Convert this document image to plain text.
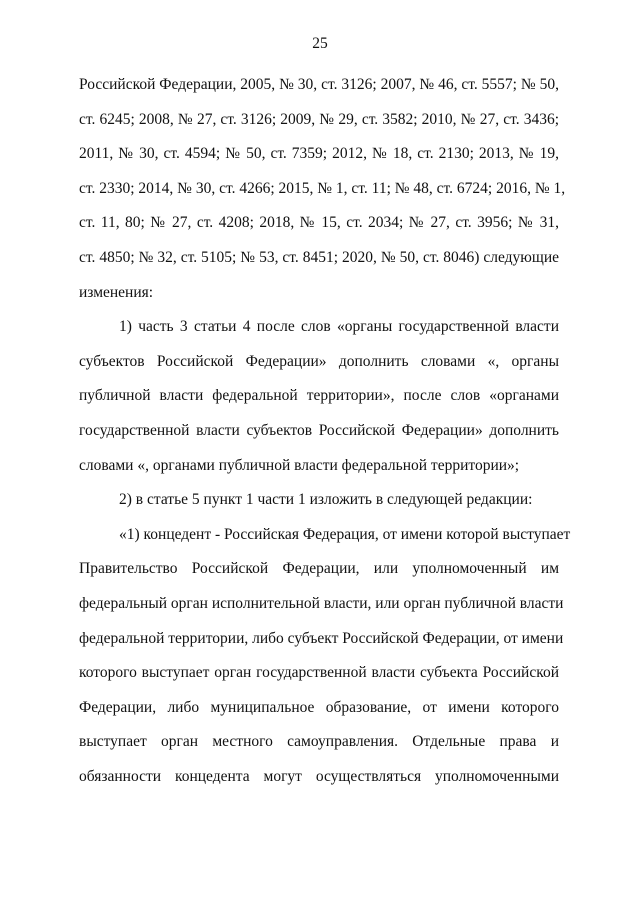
25
Российской Федерации, 2005, № 30, ст. 3126; 2007, № 46, ст. 5557; № 50,
ст. 6245; 2008, № 27, ст. 3126; 2009, № 29, ст. 3582; 2010, № 27, ст. 3436;
2011, № 30, ст. 4594; № 50, ст. 7359; 2012, № 18, ст. 2130; 2013, № 19,
ст. 2330; 2014, № 30, ст. 4266; 2015, № 1, ст. 11; № 48, ст. 6724; 2016, № 1,
ст. 11, 80; № 27, ст. 4208; 2018, № 15, ст. 2034; № 27, ст. 3956; № 31,
ст. 4850; № 32, ст. 5105; № 53, ст. 8451; 2020, № 50, ст. 8046) следующие
изменения:
1) часть 3 статьи 4 после слов «органы государственной власти
субъектов Российской Федерации» дополнить словами «, органы
публичной власти федеральной территории», после слов «органами
государственной власти субъектов Российской Федерации» дополнить
словами «, органами публичной власти федеральной территории»;
2) в статье 5 пункт 1 части 1 изложить в следующей редакции:
«1) концедент - Российская Федерация, от имени которой выступает
Правительство Российской Федерации, или уполномоченный им
федеральный орган исполнительной власти, или орган публичной власти
федеральной территории, либо субъект Российской Федерации, от имени
которого выступает орган государственной власти субъекта Российской
Федерации, либо муниципальное образование, от имени которого
выступает орган местного самоуправления. Отдельные права и
обязанности концедента могут осуществляться уполномоченными
